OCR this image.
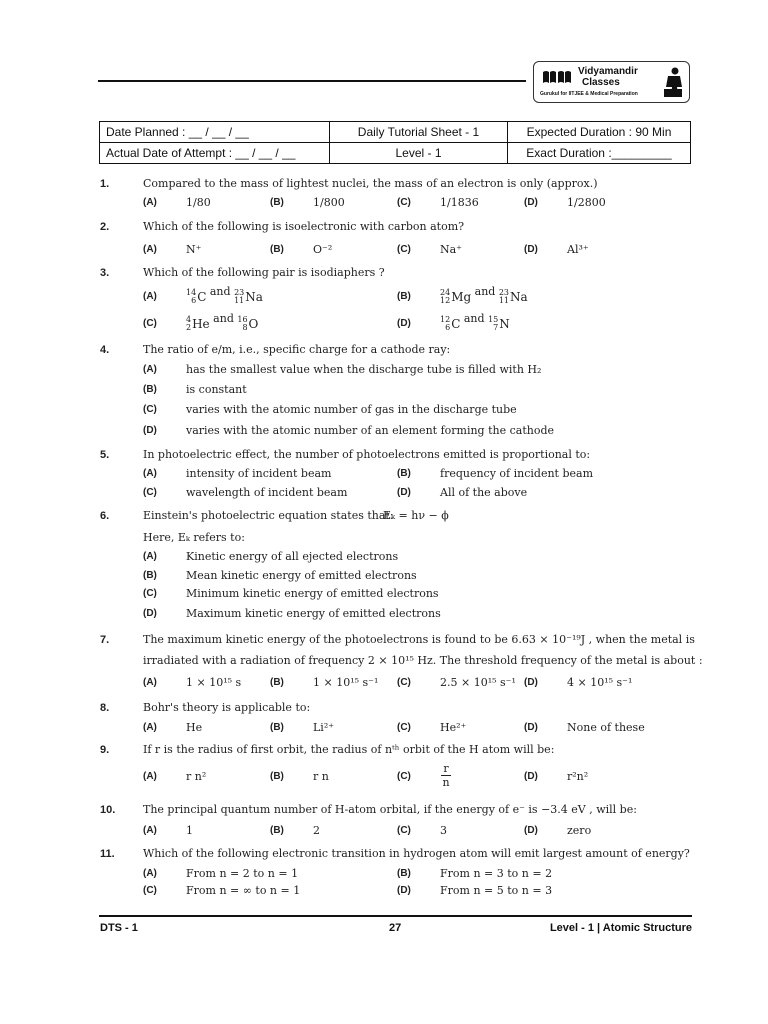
Vidyamandir
Classes
Gurukul for IITJEE & Medical Preparation
Date Planned : __ / __ / __	Daily Tutorial Sheet - 1	Expected Duration : 90 Min
Actual Date of Attempt : __ / __ / __	Level - 1	Exact Duration :_________
1.	Compared to the mass of lightest nuclei, the mass of an electron is only (approx.)
(A)	1/80	(B)	1/800	(C)	1/1836	(D)	1/2800
2.	Which of the following is isoelectronic with carbon atom?
(A)	N⁺	(B)	O⁻²	(C)	Na⁺	(D)	Al³⁺
3.	Which of the following pair is isodiaphers ?
(A)	14
6 C and 23
11 Na	(B)	24
12 Mg and 23
11 Na
(C)	4
2 He and 16
8 O	(D)	12
6 C and 15
7 N
4.	The ratio of e/m, i.e., specific charge for a cathode ray:
(A)	has the smallest value when the discharge tube is filled with H₂
(B)	is constant
(C)	varies with the atomic number of gas in the discharge tube
(D)	varies with the atomic number of an element forming the cathode
5.	In photoelectric effect, the number of photoelectrons emitted is proportional to:
(A)	intensity of incident beam	(B)	frequency of incident beam
(C)	wavelength of incident beam	(D)	All of the above
6.	Einstein's photoelectric equation states that:
Eₖ = hν − ϕ
Here, Eₖ refers to:
(A)	Kinetic energy of all ejected electrons
(B)	Mean kinetic energy of emitted electrons
(C)	Minimum kinetic energy of emitted electrons
(D)	Maximum kinetic energy of emitted electrons
7.	The maximum kinetic energy of the photoelectrons is found to be 6.63 × 10⁻¹⁹J , when the metal is
irradiated with a radiation of frequency 2 × 10¹⁵ Hz. The threshold frequency of the metal is about :
(A)	1 × 10¹⁵ s	(B)	1 × 10¹⁵ s⁻¹ (C)	2.5 × 10¹⁵ s⁻¹ (D)	4 × 10¹⁵ s⁻¹
8.	Bohr's theory is applicable to:
(A)	He	(B)	Li²⁺	(C)	He²⁺	(D)	None of these
9.	If r is the radius of first orbit, the radius of nᵗʰ orbit of the H atom will be:
(A)	r n²	(B)	r n	(C)	$\frac{r}{n}$	(D)	r²n²
10.	The principal quantum number of H-atom orbital, if the energy of e⁻ is −3.4 eV , will be:
(A)	1	(B)	2	(C)	3	(D)	zero
11.	Which of the following electronic transition in hydrogen atom will emit largest amount of energy?
(A)	From n = 2 to n = 1	(B)	From n = 3 to n = 2
(C)	From n = ∞ to n = 1	(D)	From n = 5 to n = 3
DTS - 1	27	Level - 1 | Atomic Structure
